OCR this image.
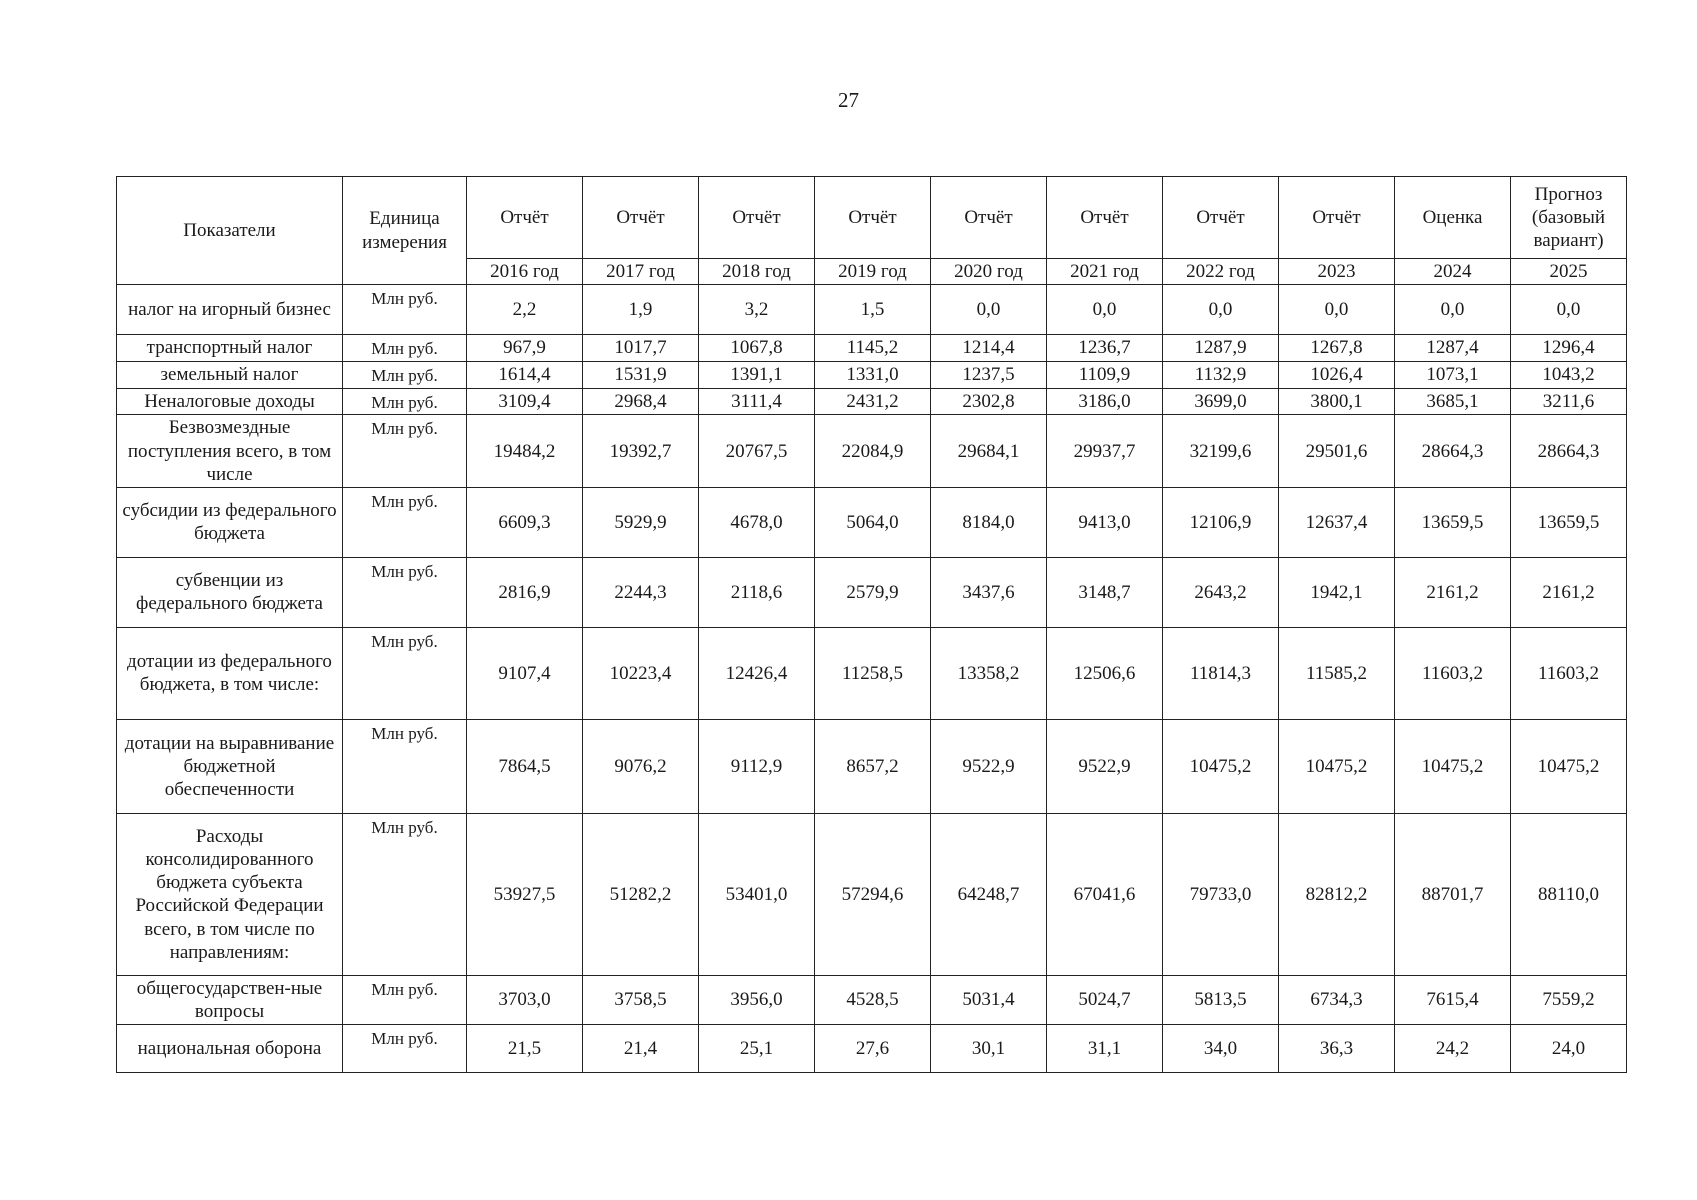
27
Показатели	Единица измерения	Отчёт	Отчёт	Отчёт	Отчёт	Отчёт	Отчёт	Отчёт	Отчёт	Оценка	Прогноз (базовый вариант)
		2016 год	2017 год	2018 год	2019 год	2020 год	2021 год	2022 год	2023	2024	2025
налог на игорный бизнес	Млн руб.	2,2	1,9	3,2	1,5	0,0	0,0	0,0	0,0	0,0	0,0
транспортный налог	Млн руб.	967,9	1017,7	1067,8	1145,2	1214,4	1236,7	1287,9	1267,8	1287,4	1296,4
земельный налог	Млн руб.	1614,4	1531,9	1391,1	1331,0	1237,5	1109,9	1132,9	1026,4	1073,1	1043,2
Неналоговые доходы	Млн руб.	3109,4	2968,4	3111,4	2431,2	2302,8	3186,0	3699,0	3800,1	3685,1	3211,6
Безвозмездные поступления всего, в том числе	Млн руб.	19484,2	19392,7	20767,5	22084,9	29684,1	29937,7	32199,6	29501,6	28664,3	28664,3
субсидии из федерального бюджета	Млн руб.	6609,3	5929,9	4678,0	5064,0	8184,0	9413,0	12106,9	12637,4	13659,5	13659,5
субвенции из федерального бюджета	Млн руб.	2816,9	2244,3	2118,6	2579,9	3437,6	3148,7	2643,2	1942,1	2161,2	2161,2
дотации из федерального бюджета, в том числе:	Млн руб.	9107,4	10223,4	12426,4	11258,5	13358,2	12506,6	11814,3	11585,2	11603,2	11603,2
дотации на выравнивание бюджетной обеспеченности	Млн руб.	7864,5	9076,2	9112,9	8657,2	9522,9	9522,9	10475,2	10475,2	10475,2	10475,2
Расходы консолидированного бюджета субъекта Российской Федерации всего, в том числе по направлениям:	Млн руб.	53927,5	51282,2	53401,0	57294,6	64248,7	67041,6	79733,0	82812,2	88701,7	88110,0
общегосударствен-ные вопросы	Млн руб.	3703,0	3758,5	3956,0	4528,5	5031,4	5024,7	5813,5	6734,3	7615,4	7559,2
национальная оборона	Млн руб.	21,5	21,4	25,1	27,6	30,1	31,1	34,0	36,3	24,2	24,0
